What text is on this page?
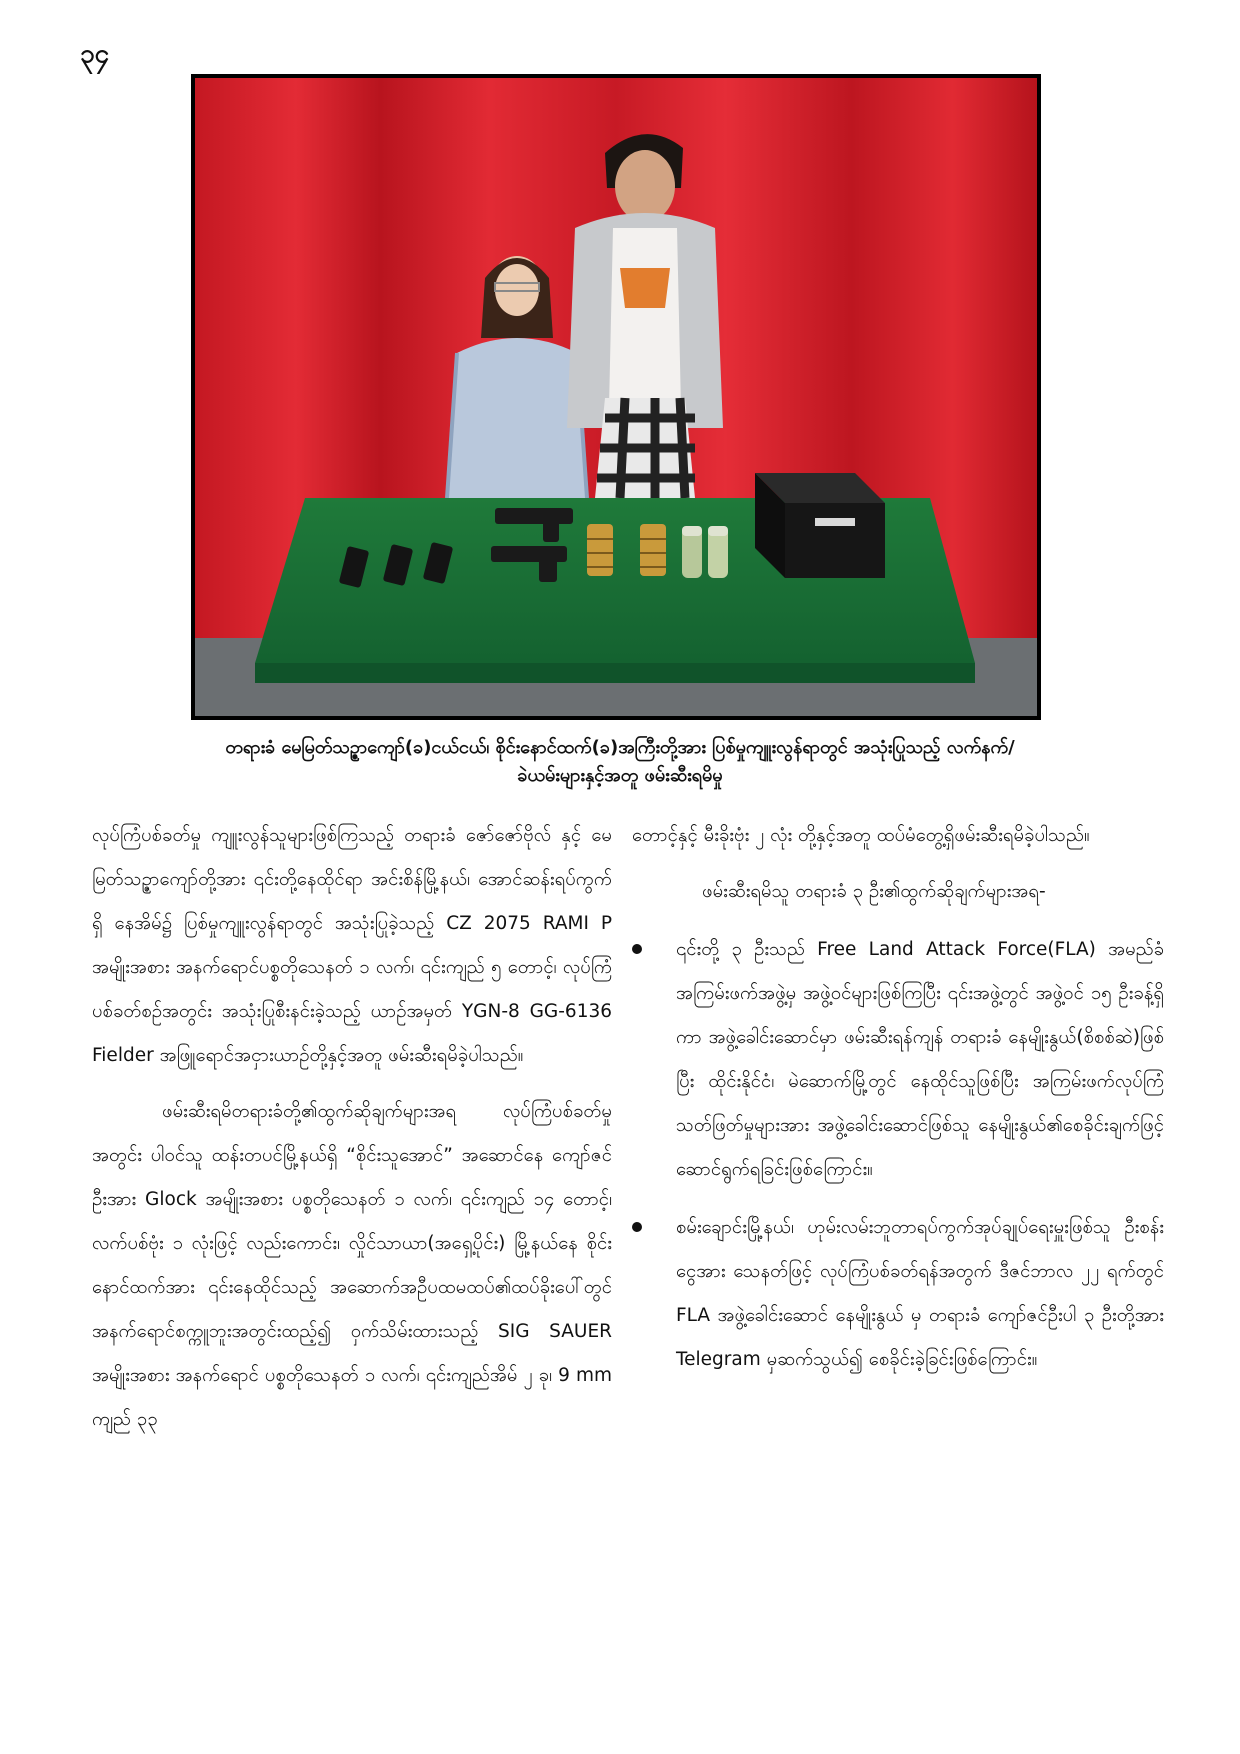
၃၄
တရားခံ မေမြတ်သဥ္ဇာကျော်(ခ)ငယ်ငယ်၊ စိုင်းနောင်ထက်(ခ)အကြီးတို့အား ပြစ်မှုကျူးလွန်ရာတွင် အသုံးပြုသည့် လက်နက်/
ခဲယမ်းများနှင့်အတူ ဖမ်းဆီးရမိမှု

လုပ်ကြံပစ်ခတ်မှု ကျူးလွန်သူများဖြစ်ကြသည့် တရားခံ ဇော်ဇော်ဗိုလ် နှင့် မေမြတ်သဥ္ဇာကျော်တို့အား ၎င်းတို့နေထိုင်ရာ အင်းစိန်မြို့နယ်၊ အောင်ဆန်းရပ်ကွက်ရှိ နေအိမ်၌ ပြစ်မှုကျူးလွန်ရာတွင် အသုံးပြုခဲ့သည့် CZ 2075 RAMI P အမျိုးအစား အနက်ရောင်ပစ္စတိုသေနတ် ၁ လက်၊ ၎င်းကျည် ၅ တောင့်၊ လုပ်ကြံပစ်ခတ်စဉ်အတွင်း အသုံးပြုစီးနင်းခဲ့သည့် ယာဉ်အမှတ် YGN-8 GG-6136 Fielder အဖြူရောင်အငှားယာဉ်တို့နှင့်အတူ ဖမ်းဆီးရမိခဲ့ပါသည်။

ဖမ်းဆီးရမိတရားခံတို့၏ထွက်ဆိုချက်များအရ လုပ်ကြံပစ်ခတ်မှုအတွင်း ပါဝင်သူ ထန်းတပင်မြို့နယ်ရှိ “စိုင်းသူအောင်” အဆောင်နေ ကျော်ဇင်ဦးအား Glock အမျိုးအစား ပစ္စတိုသေနတ် ၁ လက်၊ ၎င်းကျည် ၁၄ တောင့်၊ လက်ပစ်ဗုံး ၁ လုံးဖြင့် လည်းကောင်း၊ လှိုင်သာယာ(အရှေ့ပိုင်း) မြို့နယ်နေ စိုင်းနောင်ထက်အား ၎င်းနေထိုင်သည့် အဆောက်အဦပထမထပ်၏ထပ်ခိုးပေါ်တွင် အနက်ရောင်စက္ကူဘူးအတွင်းထည့်၍ ဝှက်သိမ်းထားသည့် SIG SAUER အမျိုးအစား အနက်ရောင် ပစ္စတိုသေနတ် ၁ လက်၊ ၎င်းကျည်အိမ် ၂ ခု၊ 9 mm ကျည် ၃၃

တောင့်နှင့် မီးခိုးဗုံး ၂ လုံး တို့နှင့်အတူ ထပ်မံတွေ့ရှိဖမ်းဆီးရမိခဲ့ပါသည်။

ဖမ်းဆီးရမိသူ တရားခံ ၃ ဦး၏ထွက်ဆိုချက်များအရ-

၎င်းတို့ ၃ ဦးသည် Free Land Attack Force(FLA) အမည်ခံ အကြမ်းဖက်အဖွဲ့မှ အဖွဲ့ဝင်များဖြစ်ကြပြီး ၎င်းအဖွဲ့တွင် အဖွဲ့ဝင် ၁၅ ဦးခန့်ရှိကာ အဖွဲ့ခေါင်းဆောင်မှာ ဖမ်းဆီးရန်ကျန် တရားခံ နေမျိုးနွယ်(စိစစ်ဆဲ)ဖြစ်ပြီး ထိုင်းနိုင်ငံ၊ မဲဆောက်မြို့တွင် နေထိုင်သူဖြစ်ပြီး အကြမ်းဖက်လုပ်ကြံသတ်ဖြတ်မှုများအား အဖွဲ့ခေါင်းဆောင်ဖြစ်သူ နေမျိုးနွယ်၏စေခိုင်းချက်ဖြင့် ဆောင်ရွက်ရခြင်းဖြစ်ကြောင်း။

စမ်းချောင်းမြို့နယ်၊ ဟုမ်းလမ်းဘူတာရပ်ကွက်အုပ်ချုပ်ရေးမှူးဖြစ်သူ ဦးစန်းငွေအား သေနတ်ဖြင့် လုပ်ကြံပစ်ခတ်ရန်အတွက် ဒီဇင်ဘာလ ၂၂ ရက်တွင် FLA အဖွဲ့ခေါင်းဆောင် နေမျိုးနွယ် မှ တရားခံ ကျော်ဇင်ဦးပါ ၃ ဦးတို့အား Telegram မှဆက်သွယ်၍ စေခိုင်းခဲ့ခြင်းဖြစ်ကြောင်း။
